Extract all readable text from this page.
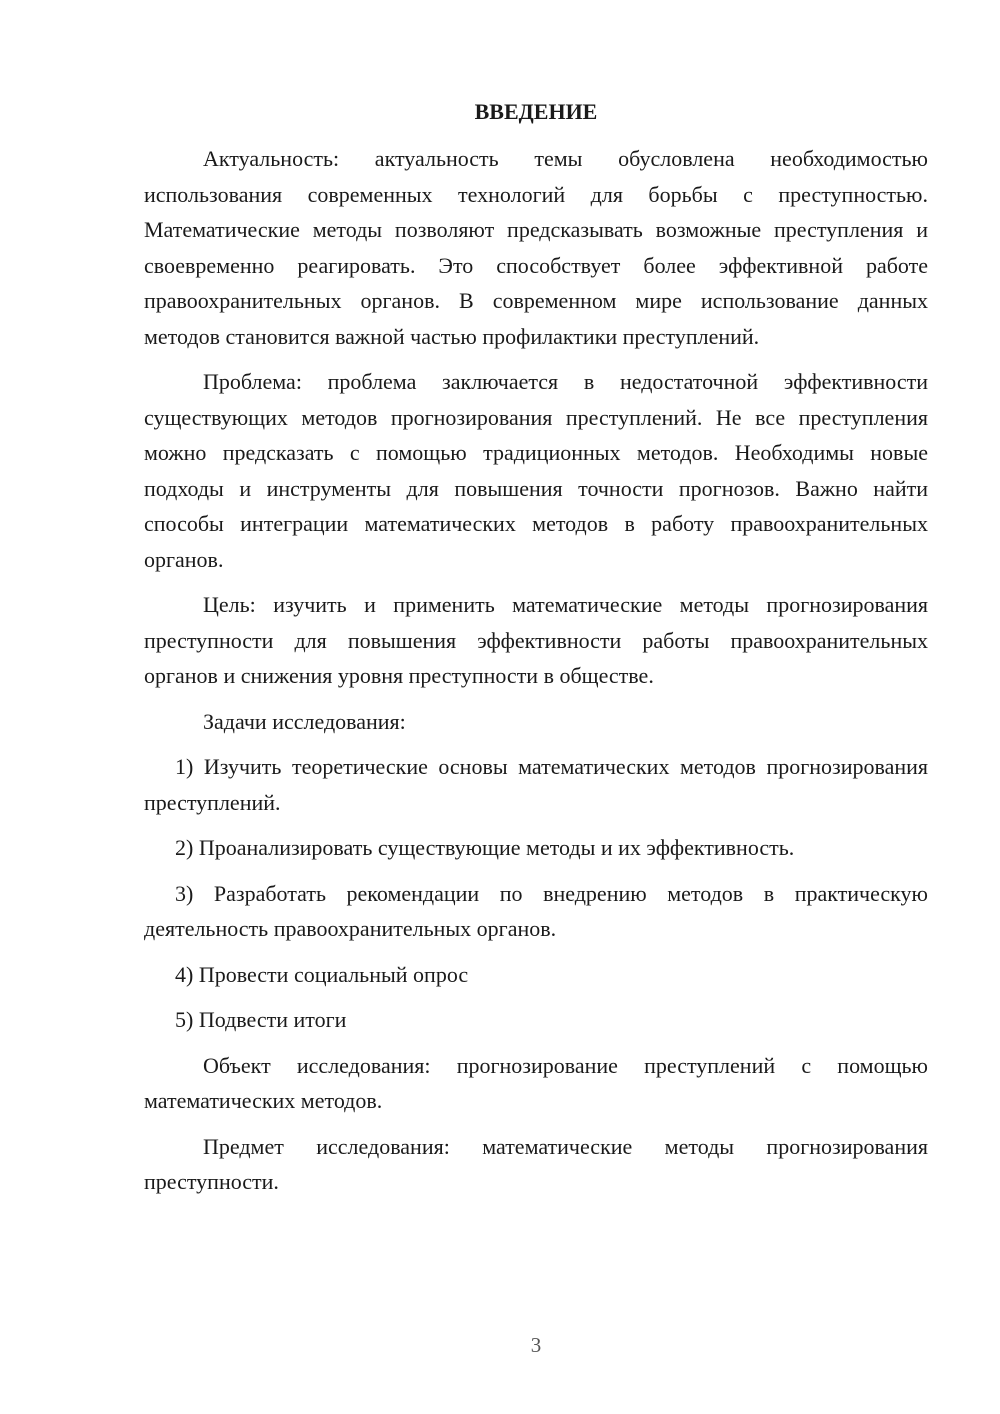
ВВЕДЕНИЕ
Актуальность: актуальность темы обусловлена необходимостью использования современных технологий для борьбы с преступностью. Математические методы позволяют предсказывать возможные преступления и своевременно реагировать. Это способствует более эффективной работе правоохранительных органов. В современном мире использование данных методов становится важной частью профилактики преступлений.
Проблема: проблема заключается в недостаточной эффективности существующих методов прогнозирования преступлений. Не все преступления можно предсказать с помощью традиционных методов. Необходимы новые подходы и инструменты для повышения точности прогнозов. Важно найти способы интеграции математических методов в работу правоохранительных органов.
Цель: изучить и применить математические методы прогнозирования преступности для повышения эффективности работы правоохранительных органов и снижения уровня преступности в обществе.
Задачи исследования:
1) Изучить теоретические основы математических методов прогнозирования преступлений.
2) Проанализировать существующие методы и их эффективность.
3) Разработать рекомендации по внедрению методов в практическую деятельность правоохранительных органов.
4) Провести социальный опрос
5) Подвести итоги
Объект исследования: прогнозирование преступлений с помощью математических методов.
Предмет исследования: математические методы прогнозирования преступности.
3
